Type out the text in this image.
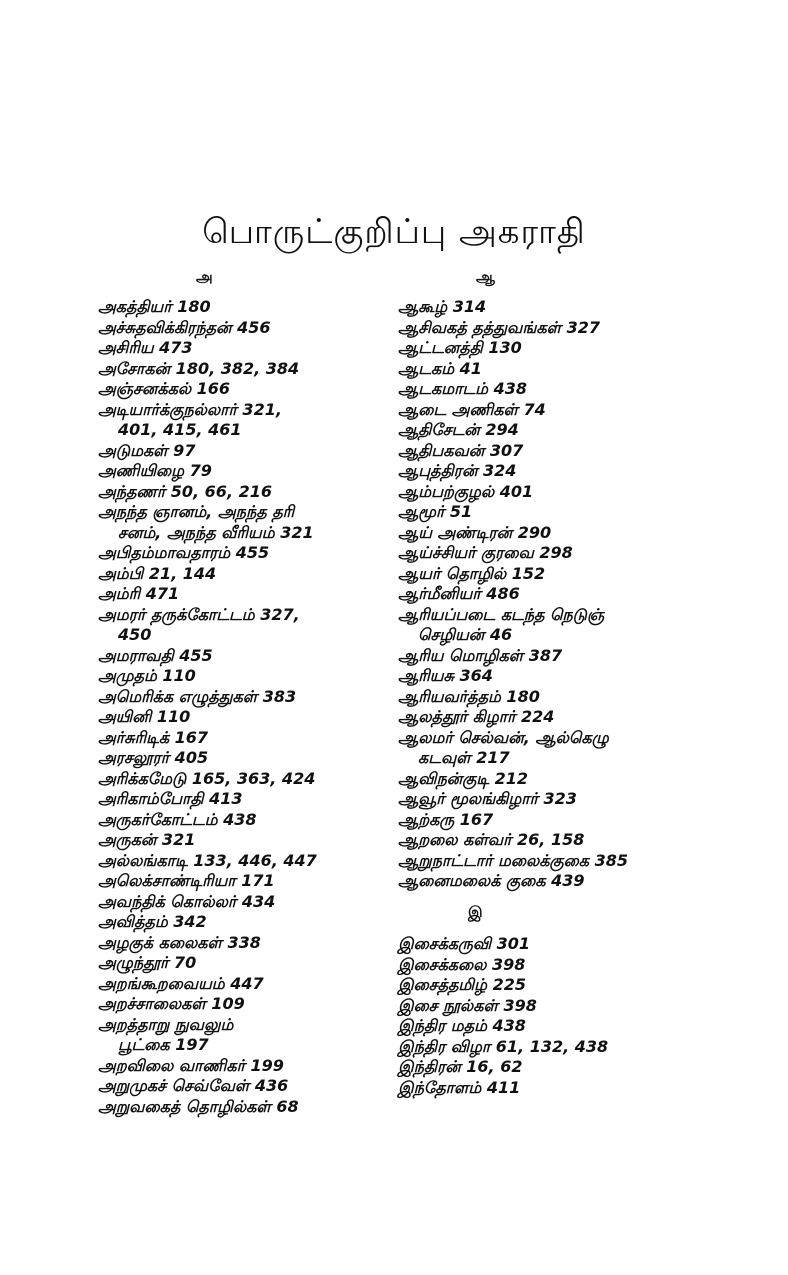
பொருட்குறிப்பு அகராதி
அ	ஆ
அகத்தியர் 180
அச்சுதவிக்கிரந்தன் 456
அசிரிய 473
அசோகன் 180, 382, 384
அஞ்சனக்கல் 166
அடியார்க்குநல்லார் 321,
401, 415, 461
அடுமகள் 97
அணியிழை 79
அந்தணர் 50, 66, 216
அநந்த ஞானம், அநந்த தரி
சனம், அநந்த வீரியம் 321
அபிதம்மாவதாரம் 455
அம்பி 21, 144
அம்ரி 471
அமரர் தருக்கோட்டம் 327,
450
அமராவதி 455
அமுதம் 110
அமெரிக்க எழுத்துகள் 383
அயினி 110
அர்சுரிடிக் 167
அரசலூரர் 405
அரிக்கமேடு 165, 363, 424
அரிகாம்போதி 413
அருகர்கோட்டம் 438
அருகன் 321
அல்லங்காடி 133, 446, 447
அலெக்சாண்டிரியா 171
அவந்திக் கொல்லர் 434
அவித்தம் 342
அழகுக் கலைகள் 338
அழுந்தூர் 70
அறங்கூறவையம் 447
அறச்சாலைகள் 109
அறத்தாறு நுவலும்
பூட்கை 197
அறவிலை வாணிகர் 199
அறுமுகச் செவ்வேள் 436
அறுவகைத் தொழில்கள் 68
ஆகூழ் 314
ஆசிவகத் தத்துவங்கள் 327
ஆட்டனத்தி 130
ஆடகம் 41
ஆடகமாடம் 438
ஆடை அணிகள் 74
ஆதிசேடன் 294
ஆதிபகவன் 307
ஆபுத்திரன் 324
ஆம்பற்குழல் 401
ஆமூர் 51
ஆய் அண்டிரன் 290
ஆய்ச்சியர் குரவை 298
ஆயர் தொழில் 152
ஆர்மீனியர் 486
ஆரியப்படை கடந்த நெடுஞ்
செழியன் 46
ஆரிய மொழிகள் 387
ஆரியசு 364
ஆரியவர்த்தம் 180
ஆலத்தூர் கிழார் 224
ஆலமர் செல்வன், ஆல்கெழு
கடவுள் 217
ஆவிநன்குடி 212
ஆவூர் மூலங்கிழார் 323
ஆற்கரு 167
ஆறலை கள்வர் 26, 158
ஆறுநாட்டார் மலைக்குகை 385
ஆனைமலைக் குகை 439
இ
இசைக்கருவி 301
இசைக்கலை 398
இசைத்தமிழ் 225
இசை நூல்கள் 398
இந்திர மதம் 438
இந்திர விழா 61, 132, 438
இந்திரன் 16, 62
இந்தோளம் 411
